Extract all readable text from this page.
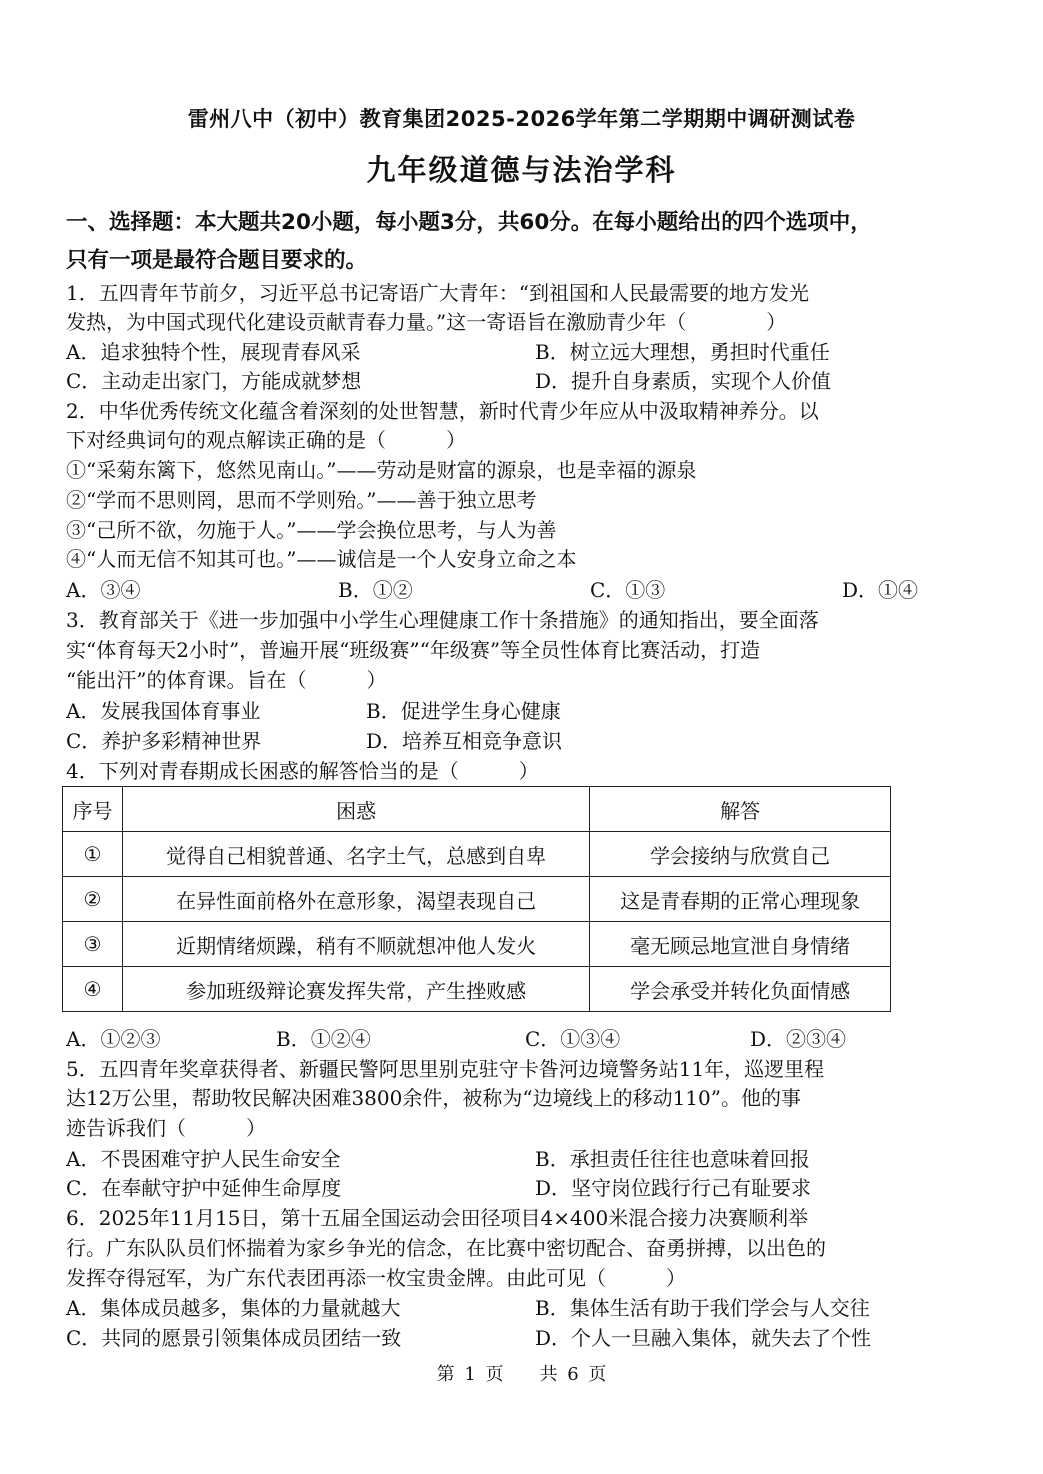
雷州八中（初中）教育集团2025-2026学年第二学期期中调研测试卷
九年级道德与法治学科
一、选择题：本大题共20小题，每小题3分，共60分。在每小题给出的四个选项中，
只有一项是最符合题目要求的。
1．五四青年节前夕，习近平总书记寄语广大青年：“到祖国和人民最需要的地方发光
发热，为中国式现代化建设贡献青春力量。”这一寄语旨在激励青少年（　　　　）
A．追求独特个性，展现青春风采	B．树立远大理想，勇担时代重任
C．主动走出家门，方能成就梦想	D．提升自身素质，实现个人价值
2．中华优秀传统文化蕴含着深刻的处世智慧，新时代青少年应从中汲取精神养分。以
下对经典词句的观点解读正确的是（　　　）
①“采菊东篱下，悠然见南山。”——劳动是财富的源泉，也是幸福的源泉
②“学而不思则罔，思而不学则殆。”——善于独立思考
③“己所不欲，勿施于人。”——学会换位思考，与人为善
④“人而无信不知其可也。”——诚信是一个人安身立命之本
A．③④	B．①②	C．①③	D．①④
3．教育部关于《进一步加强中小学生心理健康工作十条措施》的通知指出，要全面落
实“体育每天2小时”，普遍开展“班级赛”“年级赛”等全员性体育比赛活动，打造
“能出汗”的体育课。旨在（　　　）
A．发展我国体育事业	B．促进学生身心健康
C．养护多彩精神世界	D．培养互相竞争意识
4．下列对青春期成长困惑的解答恰当的是（　　　）
序号	困惑	解答
①	觉得自己相貌普通、名字土气，总感到自卑	学会接纳与欣赏自己
②	在异性面前格外在意形象，渴望表现自己	这是青春期的正常心理现象
③	近期情绪烦躁，稍有不顺就想冲他人发火	毫无顾忌地宣泄自身情绪
④	参加班级辩论赛发挥失常，产生挫败感	学会承受并转化负面情感
A．①②③	B．①②④	C．①③④	D．②③④
5．五四青年奖章获得者、新疆民警阿思里别克驻守卡昝河边境警务站11年，巡逻里程
达12万公里，帮助牧民解决困难3800余件，被称为“边境线上的移动110”。他的事
迹告诉我们（　　　）
A．不畏困难守护人民生命安全	B．承担责任往往也意味着回报
C．在奉献守护中延伸生命厚度	D．坚守岗位践行行己有耻要求
6．2025年11月15日，第十五届全国运动会田径项目4×400米混合接力决赛顺利举
行。广东队队员们怀揣着为家乡争光的信念，在比赛中密切配合、奋勇拼搏，以出色的
发挥夺得冠军，为广东代表团再添一枚宝贵金牌。由此可见（　　　）
A．集体成员越多，集体的力量就越大	B．集体生活有助于我们学会与人交往
C．共同的愿景引领集体成员团结一致	D．个人一旦融入集体，就失去了个性
第 1 页　　共 6 页
